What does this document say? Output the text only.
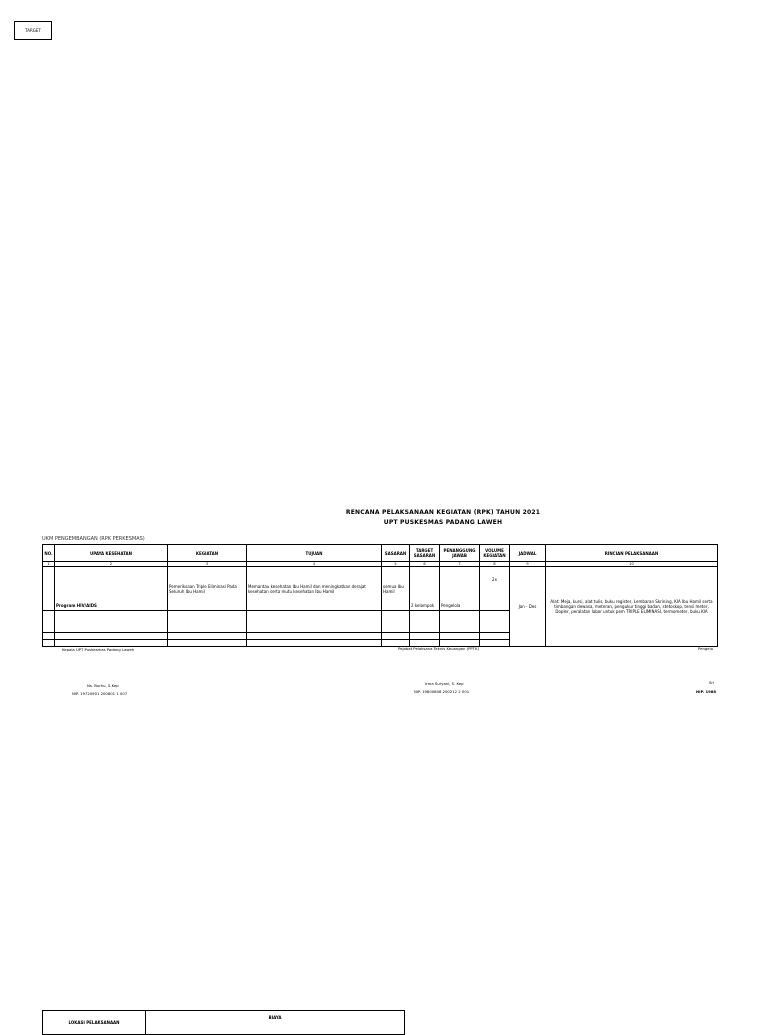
TARGET
RENCANA PELAKSANAAN KEGIATAN (RPK) TAHUN 2021
UPT PUSKESMAS PADANG LAWEH
UKM PENGEMBANGAN (RPK PERKESMAS)
NO.	UPAYA KESEHATAN	KEGIATAN	TUJUAN	SASARAN	TARGET SASARAN	PENANGGUNG JAWAB	VOLUME KEGIATAN	JADWAL	RINCIAN PELAKSANAAN
1	2	3	4	5	6	7	8	9	10
	Program HIV/AIDS	Pemeriksaan Triple Eliminasi Pada Seluruh Ibu Hamil	Memantau kesehatan Ibu Hamil dan meningkatkan derajat kesehatan serta mutu kesehatan Ibu Hamil	semua Ibu Hamil	2 kelompok	Pengelola	2x	Jan - Des	Alat: Meja, kursi, alat tulis, buku register, Lembaran Skrining, KIA Ibu Hamil serta timbangan dewasa, meteran, pengukur tinggi badan, stetoskop, tensi meter, Dopler, peralatan labor untuk pem TRIPLE ELIMINASI, termometer, buku KIA

Kepala UPT Puskesmas Padang Laweh
Ns. Burhu, S.Kep
NIP. 19720901 200801 1 007
Pejabat Pelaksana Teknis Keuangan (PPTK)
Irma Suryani, S. Kep
NIP. 19800808 200212 2 001
Pengelo
Sri
NIP. 1988
LOKASI PELAKSANAAN	BIAYA
